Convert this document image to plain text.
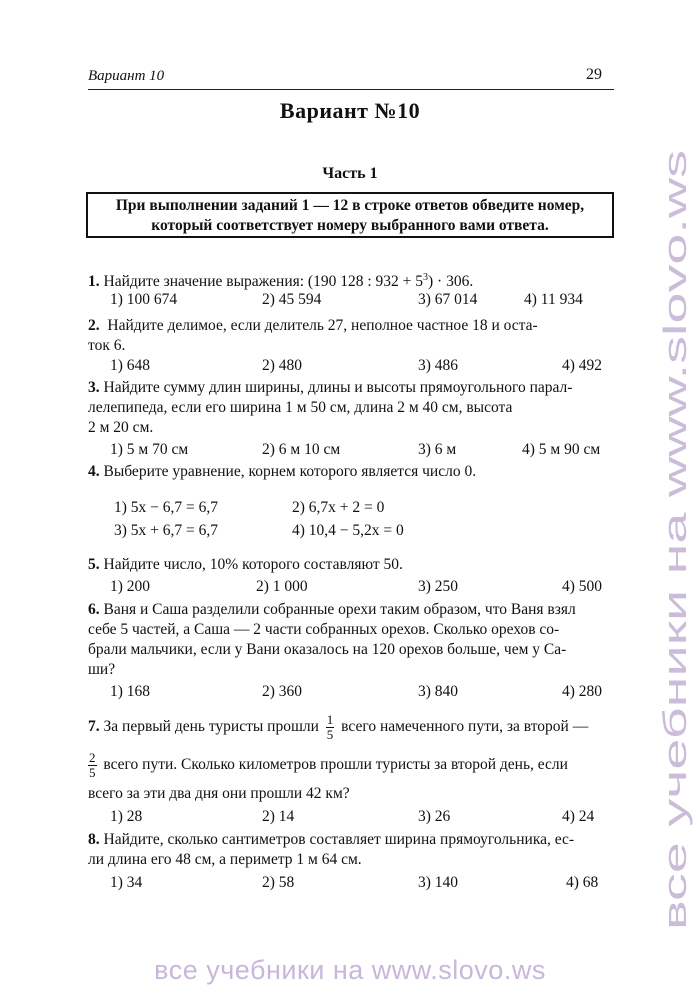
Вариант 10	29
Вариант №10
Часть 1
При выполнении заданий 1 — 12 в строке ответов обведите номер,
который соответствует номеру выбранного вами ответа.
1. Найдите значение выражения: (190 128 : $932 + 5^3) \cdot 306$.
1) 100 674	2) 45 594	3) 67 014	4) 11 934
2. Найдите делимое, если делитель 27, неполное частное 18 и оста-
ток 6.
1) 648	2) 480	3) 486	4) 492
3. Найдите сумму длин ширины, длины и высоты прямоугольного парал-
лелепипеда, если его ширина 1 м 50 см, длина 2 м 40 см, высота
2 м 20 см.
1) 5 м 70 см	2) 6 м 10 см	3) 6 м	4) 5 м 90 см
4. Выберите уравнение, корнем которого является число 0.
1) 5x − 6,7 = 6,7	2) 6,7x + 2 = 0
3) 5x + 6,7 = 6,7	4) 10,4 − 5,2x = 0
5. Найдите число, 10% которого составляют 50.
1) 200	2) 1 000	3) 250	4) 500
6. Ваня и Саша разделили собранные орехи таким образом, что Ваня взял
себе 5 частей, а Саша — 2 части собранных орехов. Сколько орехов со-
брали мальчики, если у Вани оказалось на 120 орехов больше, чем у Са-
ши?
1) 168	2) 360	3) 840	4) 280
7. За первый день туристы прошли $\frac{1}{5}$ всего намеченного пути, за второй —
$\frac{2}{5}$ всего пути. Сколько километров прошли туристы за второй день, если
всего за эти два дня они прошли 42 км?
1) 28	2) 14	3) 26	4) 24
8. Найдите, сколько сантиметров составляет ширина прямоугольника, ес-
ли длина его 48 см, а периметр 1 м 64 см.
1) 34	2) 58	3) 140	4) 68 все учебники на www.slovo.ws
все учебники на www.slovo.ws
